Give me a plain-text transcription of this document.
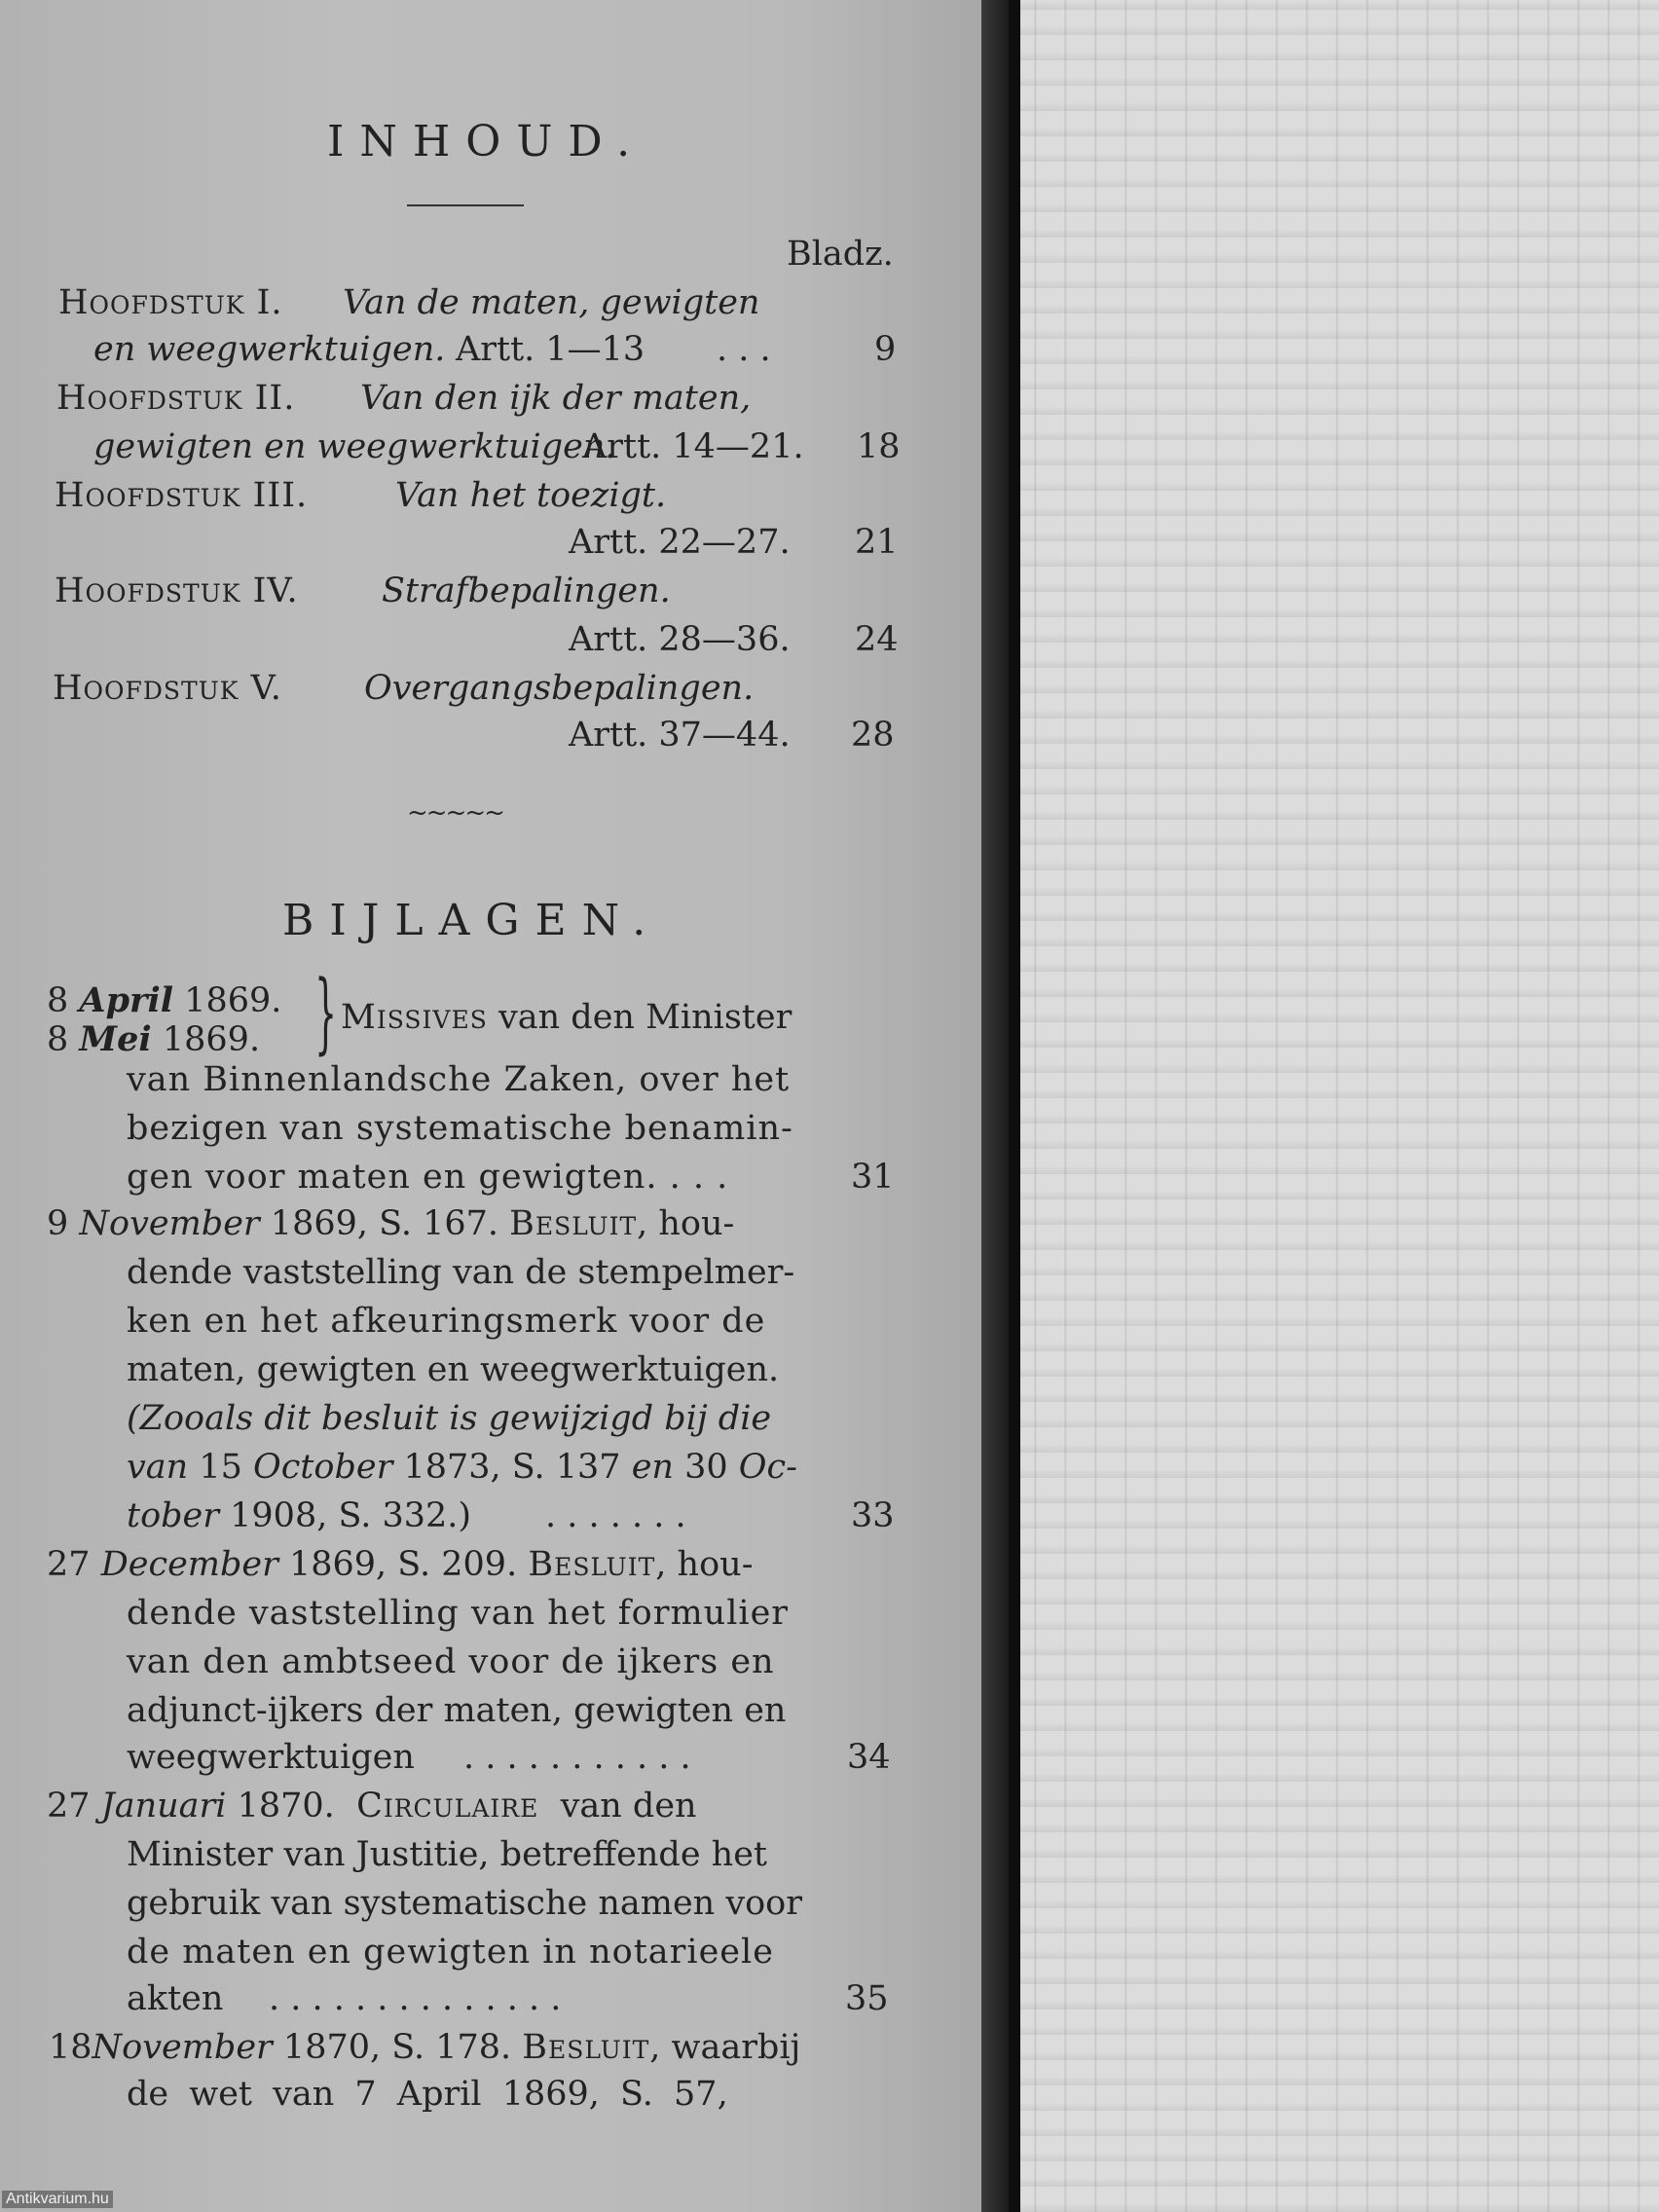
INHOUD.
Bladz.
Hoofdstuk I. Van de maten, gewigten
en weegwerktuigen. Artt. 1—13 . . .	9
Hoofdstuk II. Van den ijk der maten,
gewigten en weegwerktuigen.
Artt. 14—21. 18
Hoofdstuk III.	Van het toezigt.
Artt. 22—27. 21
Hoofdstuk IV. Strafbepalingen.
Artt. 28—36. 24
Hoofdstuk V. Overgangsbepalingen.
Artt. 37—44. 28
~~~~~
BIJLAGEN.
8 April 1869.
8 Mei 1869. } Missives van den Minister
van Binnenlandsche Zaken, over het
bezigen van systematische benamin-
gen voor maten en gewigten. . . .	31
9 November 1869, S. 167. Besluit, hou-
dende vaststelling van de stempelmer-
ken en het afkeuringsmerk voor de
maten, gewigten en weegwerktuigen.
(Zooals dit besluit is gewijzigd bij die
van 15 October 1873, S. 137 en 30 Oc-
tober 1908, S. 332.) . . . . . . .	33
27 December 1869, S. 209. Besluit, hou-
dende vaststelling van het formulier
van den ambtseed voor de ijkers en
adjunct-ijkers der maten, gewigten en
weegwerktuigen . . . . . . . . . . .	34
27 Januari 1870. Circulaire van den
Minister van Justitie, betreffende het
gebruik van systematische namen voor
de maten en gewigten in notarieele
akten . . . . . . . . . . . . . .	35
18November 1870, S. 178. Besluit, waarbij
de wet van 7 April 1869, S. 57,
Antikvarium.hu
